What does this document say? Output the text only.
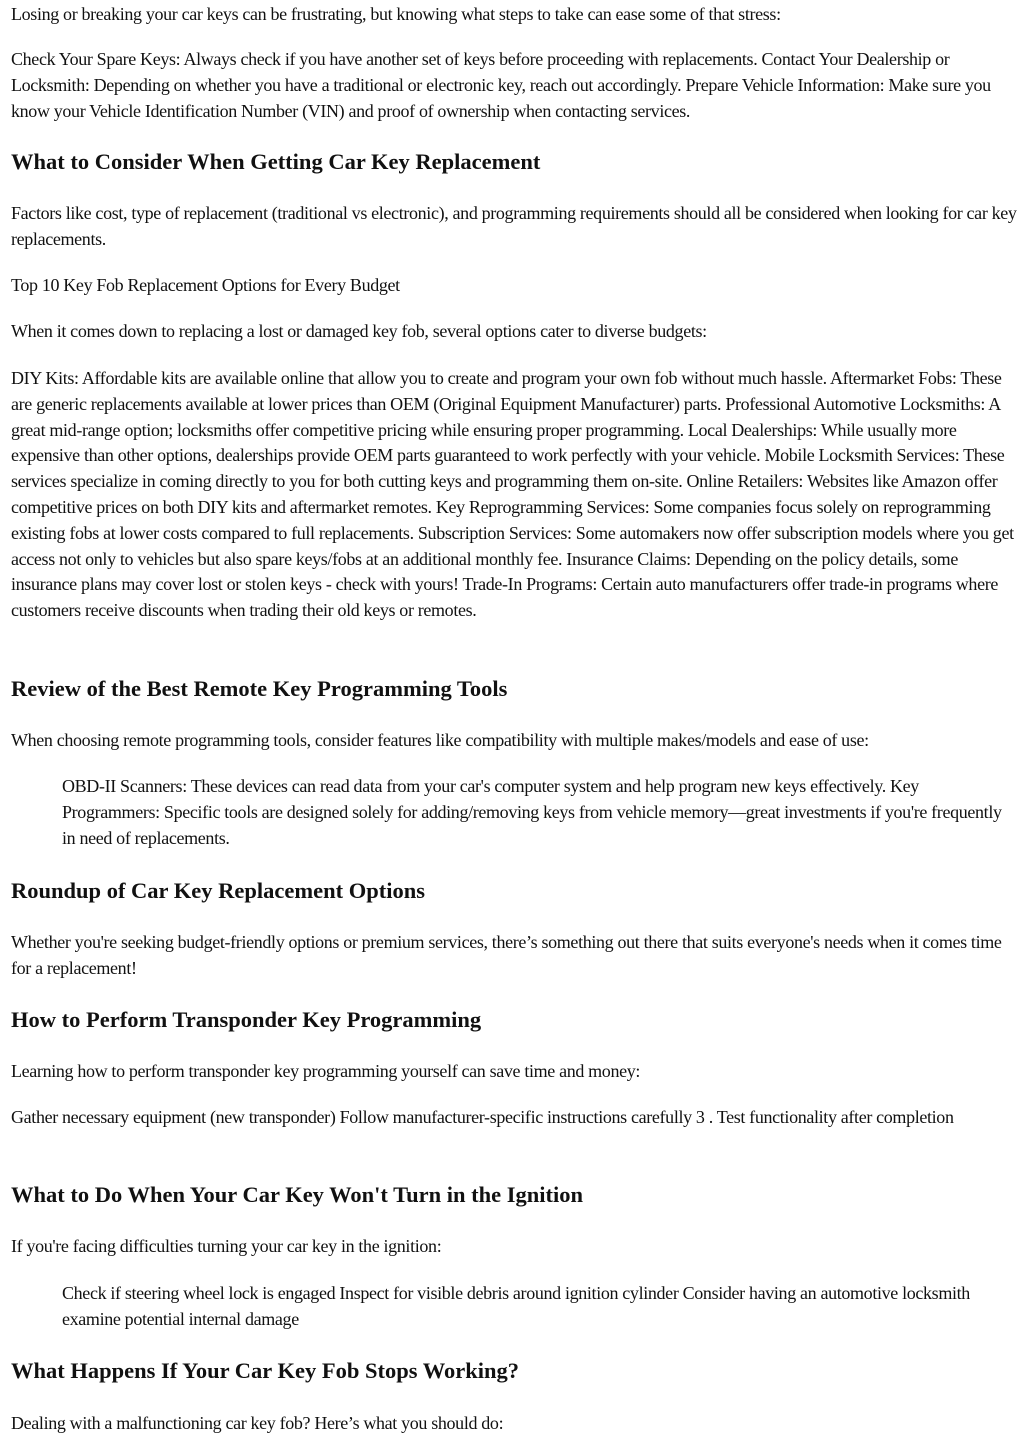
Losing or breaking your car keys can be frustrating, but knowing what steps to take can ease some of that stress:

Check Your Spare Keys: Always check if you have another set of keys before proceeding with replacements. Contact Your Dealership or Locksmith: Depending on whether you have a traditional or electronic key, reach out accordingly. Prepare Vehicle Information: Make sure you know your Vehicle Identification Number (VIN) and proof of ownership when contacting services.

What to Consider When Getting Car Key Replacement

Factors like cost, type of replacement (traditional vs electronic), and programming requirements should all be considered when looking for car key replacements.

Top 10 Key Fob Replacement Options for Every Budget

When it comes down to replacing a lost or damaged key fob, several options cater to diverse budgets:

DIY Kits: Affordable kits are available online that allow you to create and program your own fob without much hassle. Aftermarket Fobs: These are generic replacements available at lower prices than OEM (Original Equipment Manufacturer) parts. Professional Automotive Locksmiths: A great mid-range option; locksmiths offer competitive pricing while ensuring proper programming. Local Dealerships: While usually more expensive than other options, dealerships provide OEM parts guaranteed to work perfectly with your vehicle. Mobile Locksmith Services: These services specialize in coming directly to you for both cutting keys and programming them on-site. Online Retailers: Websites like Amazon offer competitive prices on both DIY kits and aftermarket remotes. Key Reprogramming Services: Some companies focus solely on reprogramming existing fobs at lower costs compared to full replacements. Subscription Services: Some automakers now offer subscription models where you get access not only to vehicles but also spare keys/fobs at an additional monthly fee. Insurance Claims: Depending on the policy details, some insurance plans may cover lost or stolen keys - check with yours! Trade-In Programs: Certain auto manufacturers offer trade-in programs where customers receive discounts when trading their old keys or remotes.

Review of the Best Remote Key Programming Tools

When choosing remote programming tools, consider features like compatibility with multiple makes/models and ease of use:

OBD-II Scanners: These devices can read data from your car's computer system and help program new keys effectively. Key Programmers: Specific tools are designed solely for adding/removing keys from vehicle memory—great investments if you're frequently in need of replacements.

Roundup of Car Key Replacement Options

Whether you're seeking budget-friendly options or premium services, there’s something out there that suits everyone's needs when it comes time for a replacement!

How to Perform Transponder Key Programming

Learning how to perform transponder key programming yourself can save time and money:

Gather necessary equipment (new transponder) Follow manufacturer-specific instructions carefully 3 . Test functionality after completion

What to Do When Your Car Key Won't Turn in the Ignition

If you're facing difficulties turning your car key in the ignition:

Check if steering wheel lock is engaged Inspect for visible debris around ignition cylinder Consider having an automotive locksmith examine potential internal damage

What Happens If Your Car Key Fob Stops Working?

Dealing with a malfunctioning car key fob? Here’s what you should do:
